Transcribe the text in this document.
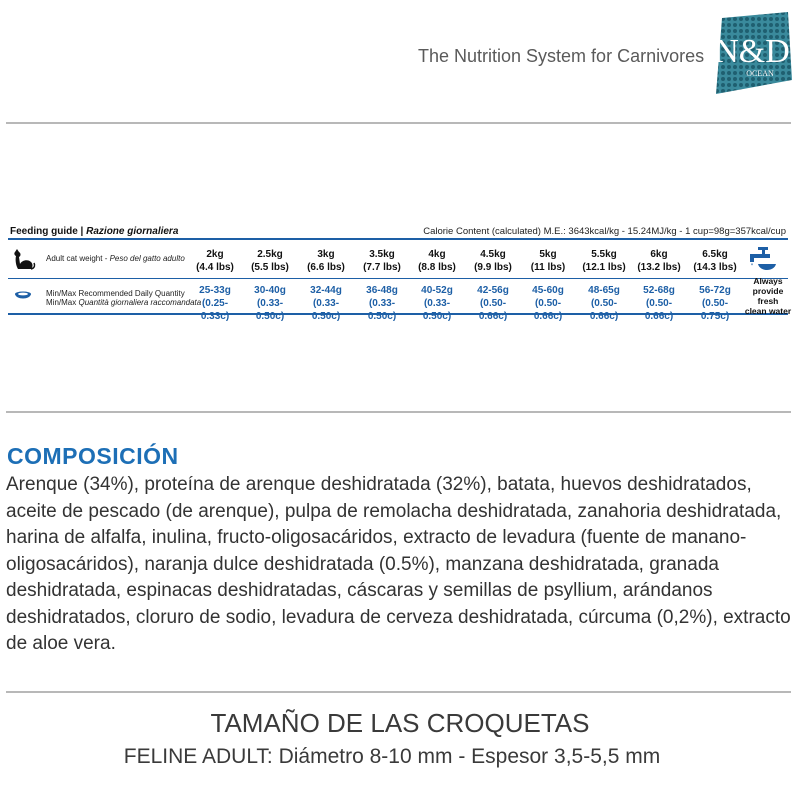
The Nutrition System for Carnivores N&D
OCEAN
Feeding guide | Razione giornaliera	Calorie Content (calculated) M.E.: 3643kcal/kg - 15.24MJ/kg - 1 cup=98g=357kcal/cup
Adult cat weight - Peso del gatto adulto	2kg
(4.4 lbs)
2.5kg
(5.5 lbs)
3kg
(6.6 lbs)
3.5kg
(7.7 lbs)
4kg
(8.8 lbs)
4.5kg
(9.9 lbs)
5kg
(11 lbs)
5.5kg
(12.1 lbs)
6kg
(13.2 lbs)
6.5kg
(14.3 lbs)
Min/Max Recommended Daily Quantity
Min/Max Quantità giornaliera raccomandata
25-33g
(0.25-0.33c)
30-40g
(0.33-0.50c)
32-44g
(0.33-0.50c)
36-48g
(0.33-0.50c)
40-52g
(0.33-0.50c)
42-56g
(0.50-0.66c)
45-60g
(0.50-0.66c)
48-65g
(0.50-0.66c)
52-68g
(0.50-0.66c)
56-72g
(0.50-0.75c)
Always
provide fresh
clean water
COMPOSICIÓN
Arenque (34%), proteína de arenque deshidratada (32%), batata, huevos deshidratados, aceite de pescado (de arenque), pulpa de remolacha deshidratada, zanahoria deshidratada, harina de alfalfa, inulina, fructo-oligosacáridos, extracto de levadura (fuente de manano-oligosacáridos), naranja dulce deshidratada (0.5%), manzana deshidratada, granada deshidratada, espinacas deshidratadas, cáscaras y semillas de psyllium, arándanos deshidratados, cloruro de sodio, levadura de cerveza deshidratada, cúrcuma (0,2%), extracto de aloe vera.
TAMAÑO DE LAS CROQUETAS
FELINE ADULT: Diámetro 8-10 mm - Espesor 3,5-5,5 mm
